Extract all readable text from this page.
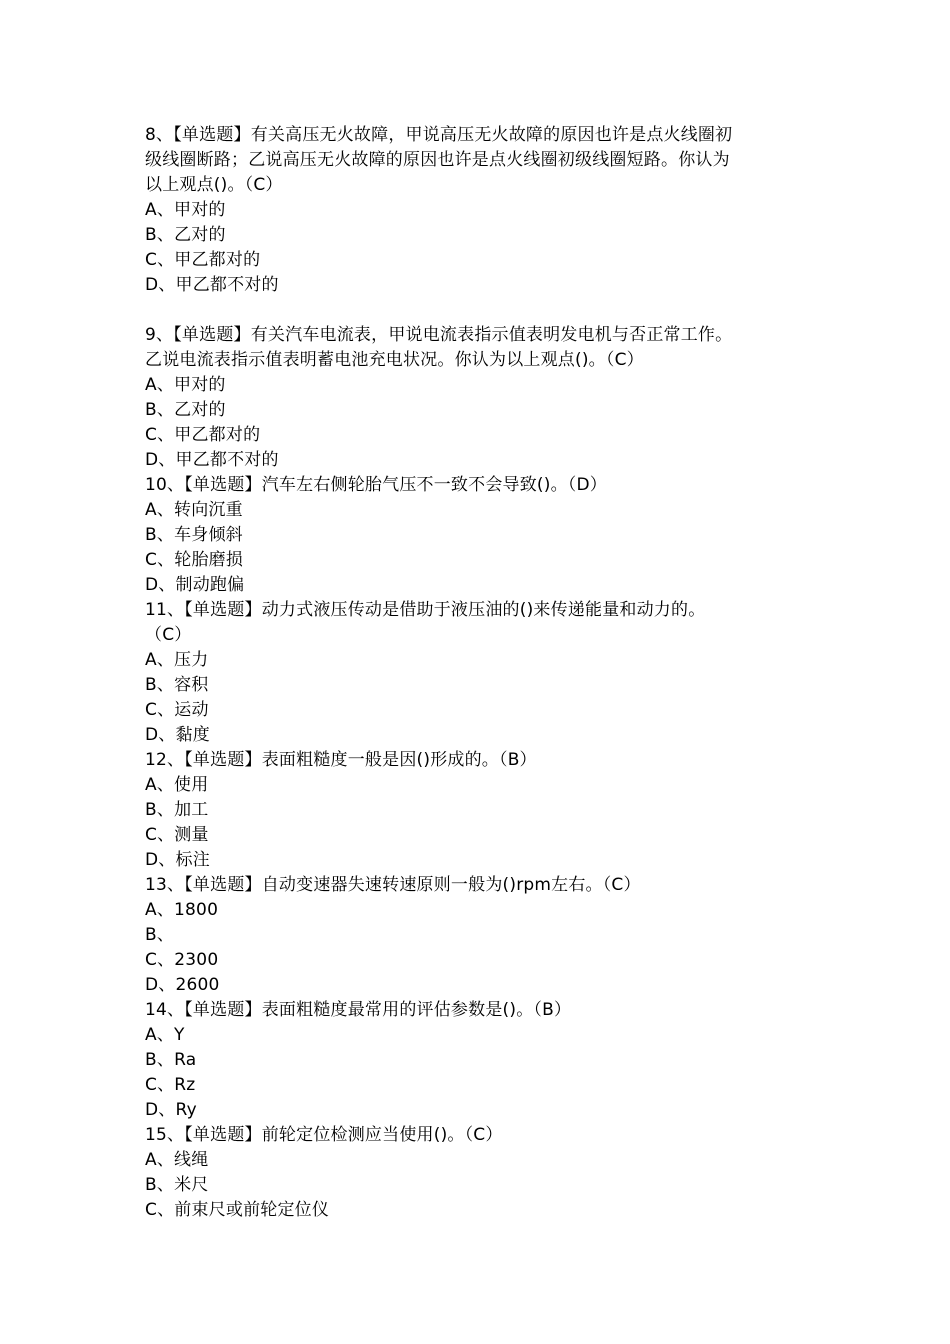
8、【单选题】有关高压无火故障，甲说高压无火故障的原因也许是点火线圈初
级线圈断路；乙说高压无火故障的原因也许是点火线圈初级线圈短路。你认为
以上观点()。（C）
A、甲对的
B、乙对的
C、甲乙都对的
D、甲乙都不对的
9、【单选题】有关汽车电流表，甲说电流表指示值表明发电机与否正常工作。
乙说电流表指示值表明蓄电池充电状况。你认为以上观点()。（C）
A、甲对的
B、乙对的
C、甲乙都对的
D、甲乙都不对的
10、【单选题】汽车左右侧轮胎气压不一致不会导致()。（D）
A、转向沉重
B、车身倾斜
C、轮胎磨损
D、制动跑偏
11、【单选题】动力式液压传动是借助于液压油的()来传递能量和动力的。
（C）
A、压力
B、容积
C、运动
D、黏度
12、【单选题】表面粗糙度一般是因()形成的。（B）
A、使用
B、加工
C、测量
D、标注
13、【单选题】自动变速器失速转速原则一般为()rpm左右。（C）
A、1800
B、
C、2300
D、2600
14、【单选题】表面粗糙度最常用的评估参数是()。（B）
A、Y
B、Ra
C、Rz
D、Ry
15、【单选题】前轮定位检测应当使用()。（C）
A、线绳
B、米尺
C、前束尺或前轮定位仪
